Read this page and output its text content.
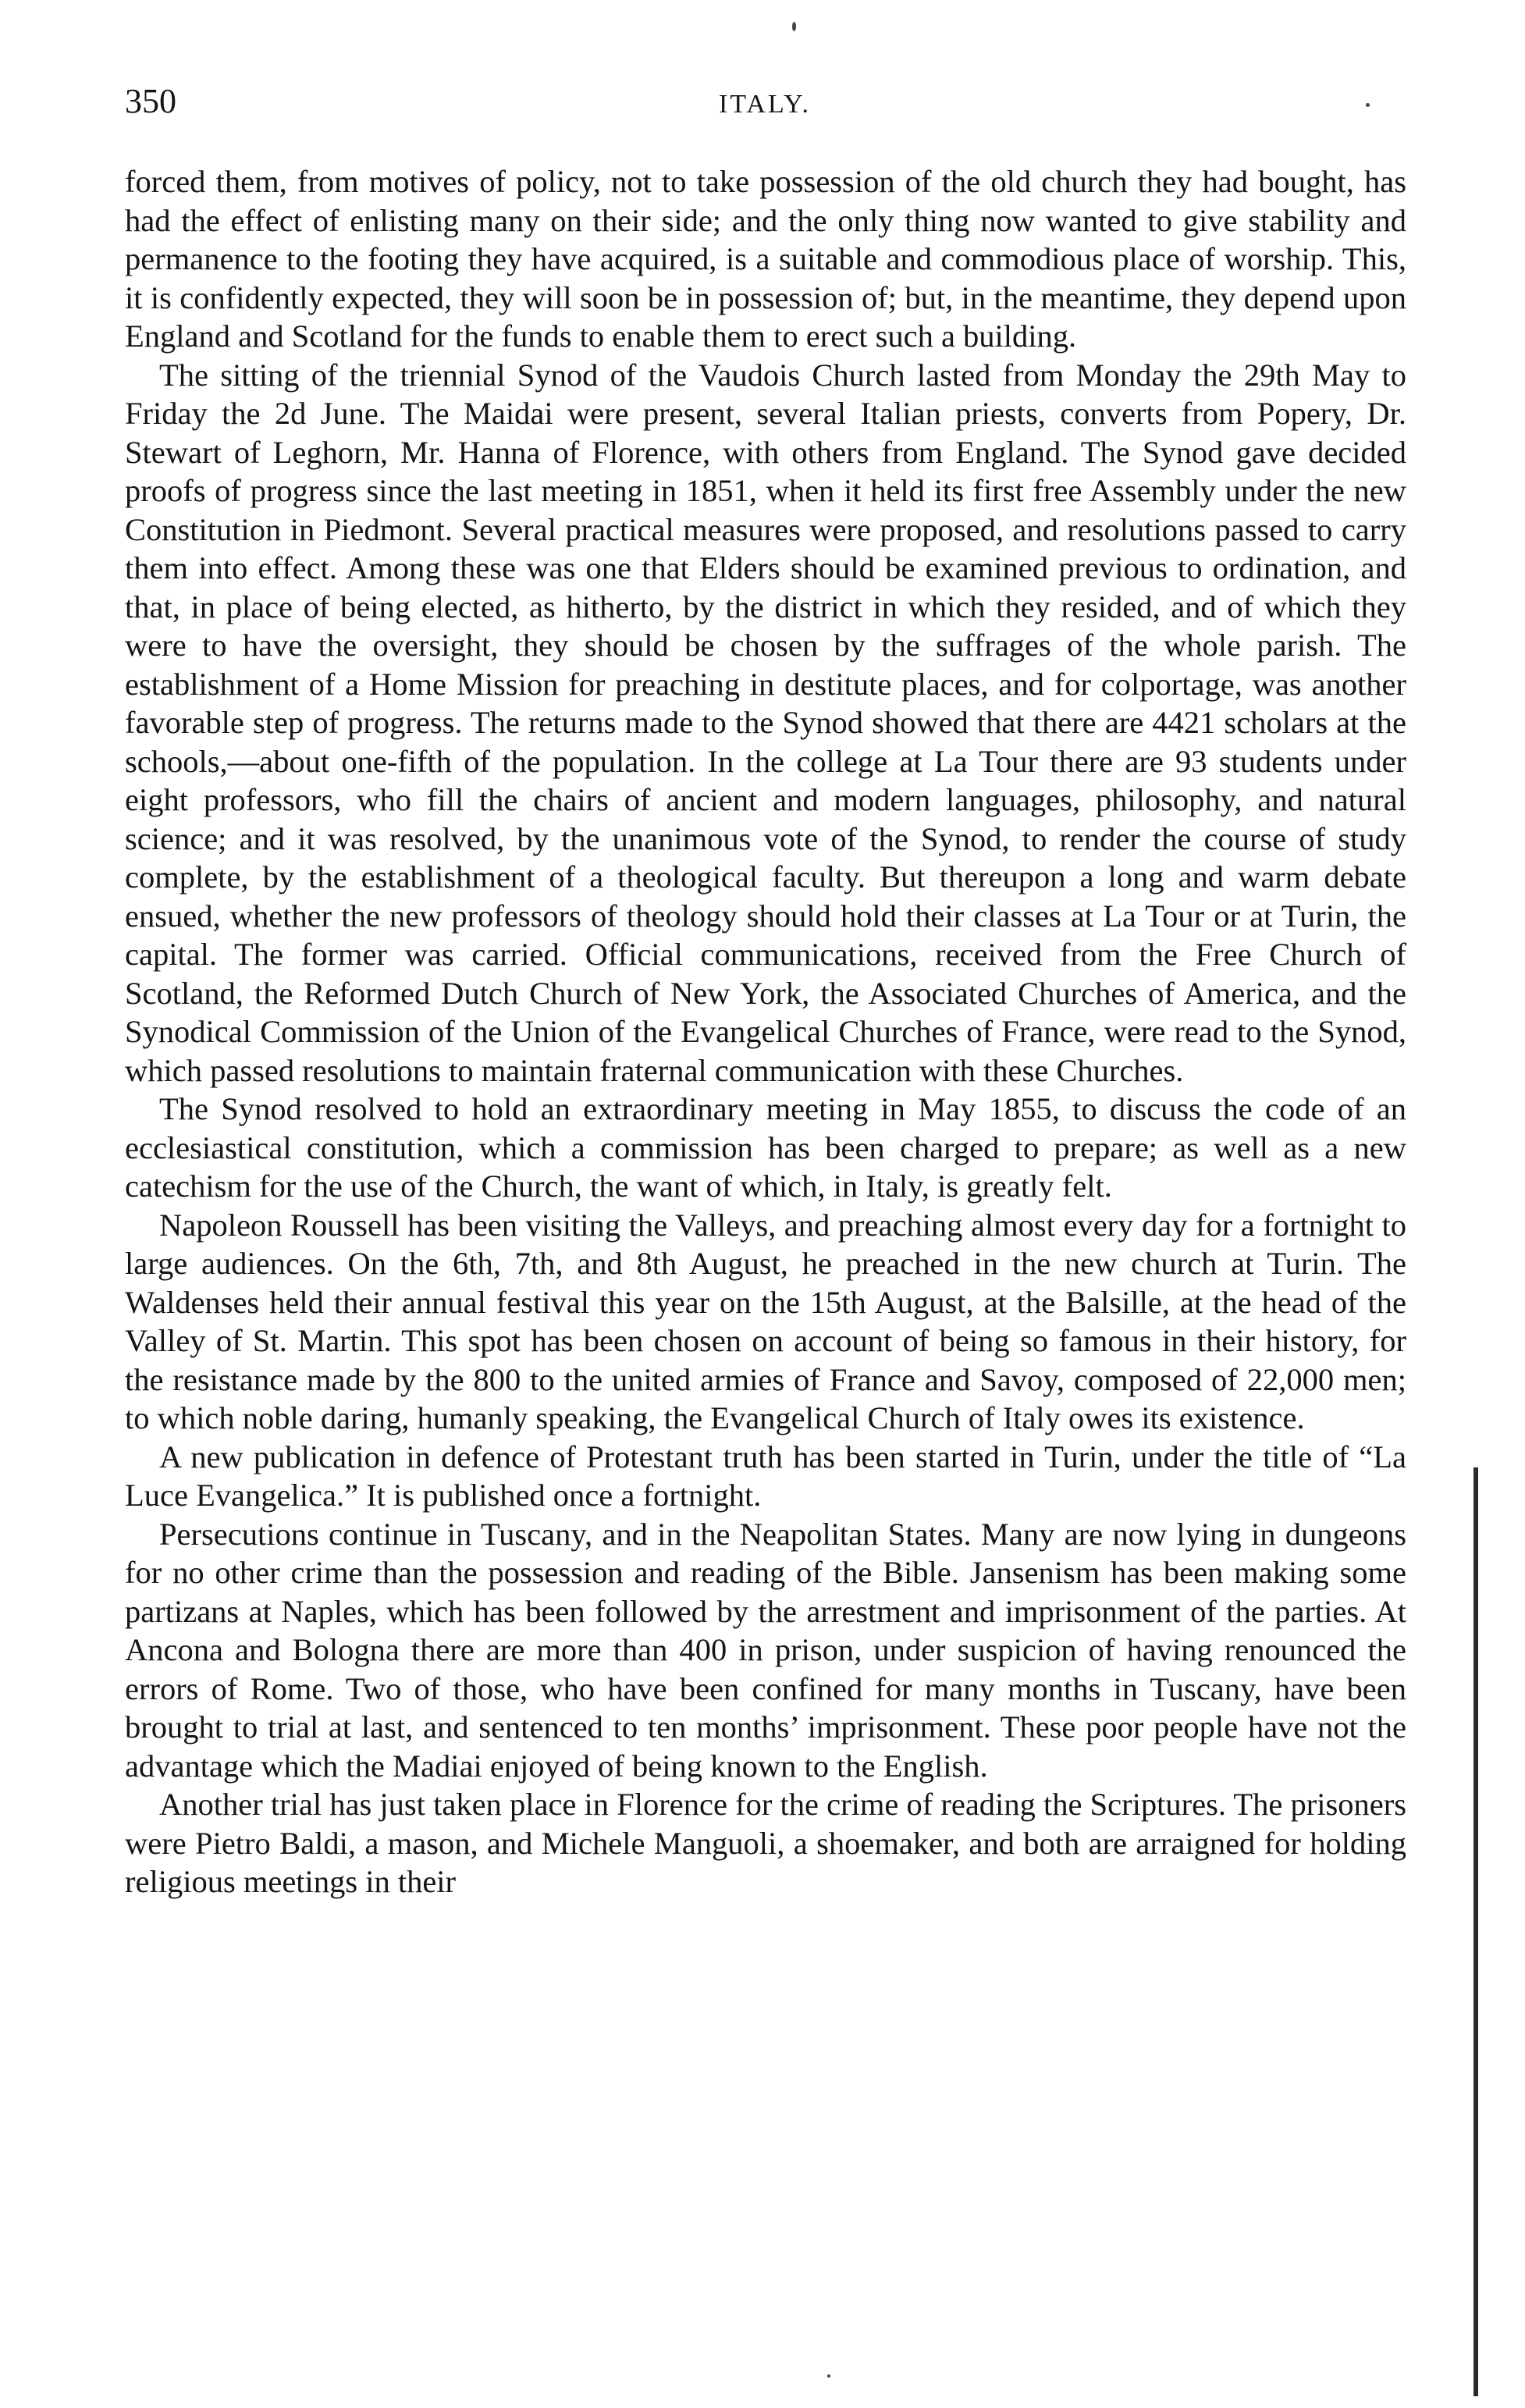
350	ITALY.

forced them, from motives of policy, not to take possession of the old church they had bought, has had the effect of enlisting many on their side; and the only thing now wanted to give stability and permanence to the footing they have acquired, is a suitable and commodious place of worship. This, it is confidently expected, they will soon be in possession of; but, in the meantime, they depend upon England and Scotland for the funds to enable them to erect such a building.

The sitting of the triennial Synod of the Vaudois Church lasted from Monday the 29th May to Friday the 2d June. The Maidai were present, several Italian priests, converts from Popery, Dr. Stewart of Leghorn, Mr. Hanna of Florence, with others from England. The Synod gave decided proofs of progress since the last meeting in 1851, when it held its first free Assembly under the new Constitution in Piedmont. Several practical measures were proposed, and resolutions passed to carry them into effect. Among these was one that Elders should be examined previous to ordination, and that, in place of being elected, as hitherto, by the district in which they resided, and of which they were to have the oversight, they should be chosen by the suffrages of the whole parish. The establishment of a Home Mission for preaching in destitute places, and for colportage, was another favorable step of progress. The returns made to the Synod showed that there are 4421 scholars at the schools,—about one-fifth of the population. In the college at La Tour there are 93 students under eight professors, who fill the chairs of ancient and modern languages, philosophy, and natural science; and it was resolved, by the unanimous vote of the Synod, to render the course of study complete, by the establishment of a theological faculty. But thereupon a long and warm debate ensued, whether the new professors of theology should hold their classes at La Tour or at Turin, the capital. The former was carried. Official communications, received from the Free Church of Scotland, the Reformed Dutch Church of New York, the Associated Churches of America, and the Synodical Commission of the Union of the Evangelical Churches of France, were read to the Synod, which passed resolutions to maintain fraternal communication with these Churches.

The Synod resolved to hold an extraordinary meeting in May 1855, to discuss the code of an ecclesiastical constitution, which a commission has been charged to prepare; as well as a new catechism for the use of the Church, the want of which, in Italy, is greatly felt.

Napoleon Roussell has been visiting the Valleys, and preaching almost every day for a fortnight to large audiences. On the 6th, 7th, and 8th August, he preached in the new church at Turin. The Waldenses held their annual festival this year on the 15th August, at the Balsille, at the head of the Valley of St. Martin. This spot has been chosen on account of being so famous in their history, for the resistance made by the 800 to the united armies of France and Savoy, composed of 22,000 men; to which noble daring, humanly speaking, the Evangelical Church of Italy owes its existence.

A new publication in defence of Protestant truth has been started in Turin, under the title of “La Luce Evangelica.” It is published once a fortnight.

Persecutions continue in Tuscany, and in the Neapolitan States. Many are now lying in dungeons for no other crime than the possession and reading of the Bible. Jansenism has been making some partizans at Naples, which has been followed by the arrestment and imprisonment of the parties. At Ancona and Bologna there are more than 400 in prison, under suspicion of having renounced the errors of Rome. Two of those, who have been confined for many months in Tuscany, have been brought to trial at last, and sentenced to ten months’ imprisonment. These poor people have not the advantage which the Madiai enjoyed of being known to the English.

Another trial has just taken place in Florence for the crime of reading the Scriptures. The prisoners were Pietro Baldi, a mason, and Michele Manguoli, a shoemaker, and both are arraigned for holding religious meetings in their
